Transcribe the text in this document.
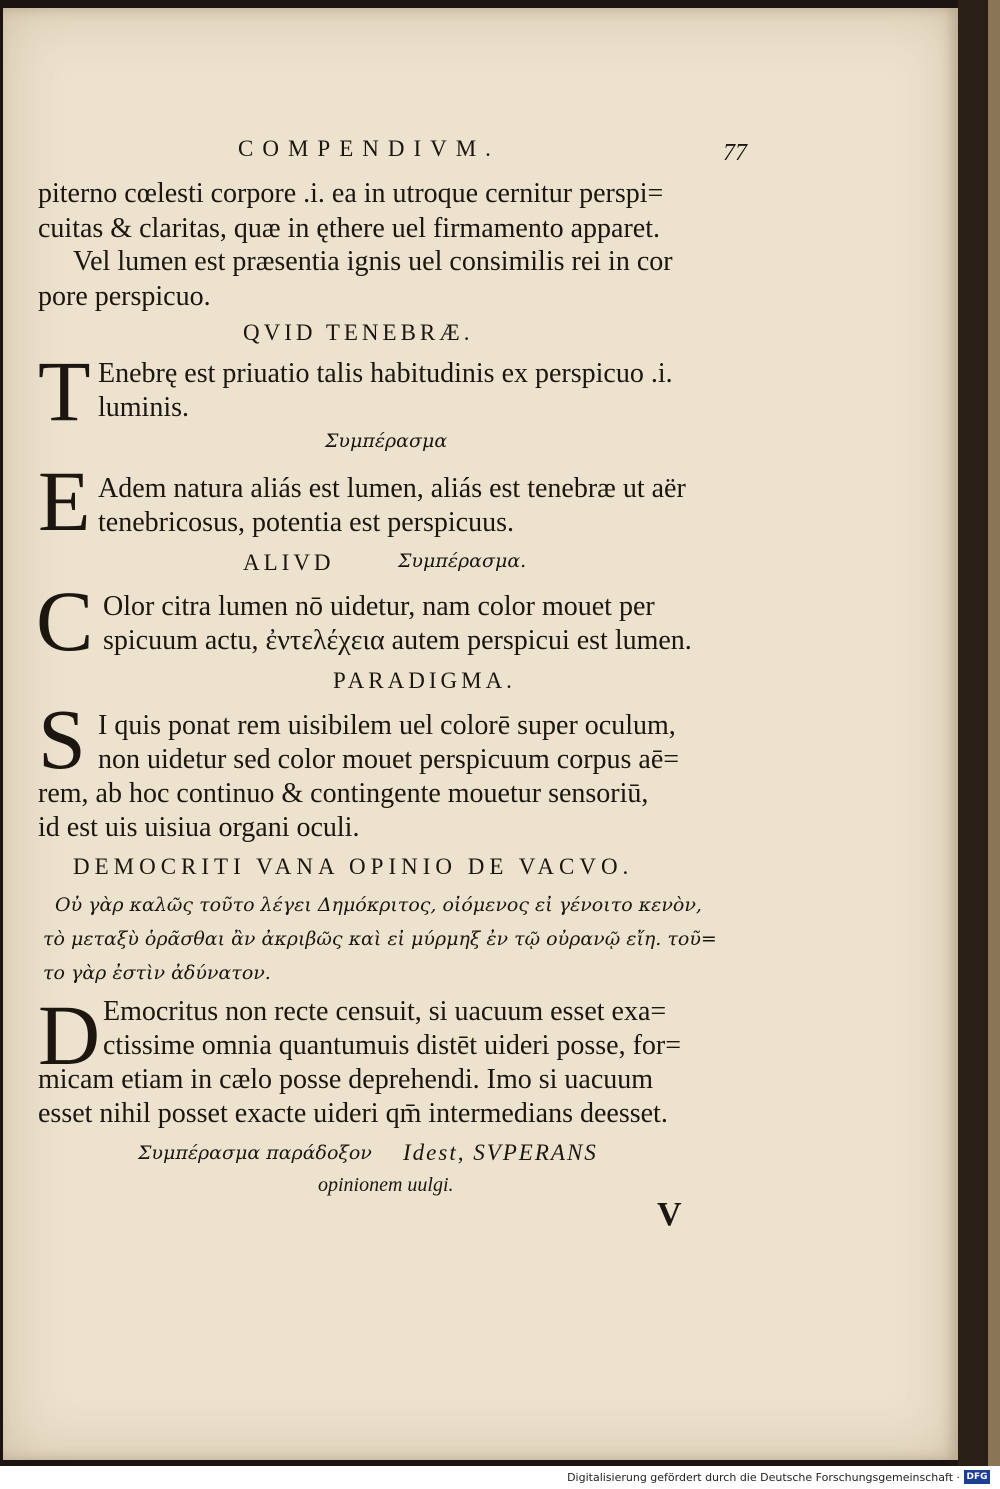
COMPENDIVM.	77
piterno cœlesti corpore .i. ea in utroque cernitur perspi=
cuitas & claritas, quæ in ęthere uel firmamento apparet.
Vel lumen est præsentia ignis uel consimilis rei in cor
pore perspicuo.
QVID TENEBRÆ.
T Enebrę est priuatio talis habitudinis ex perspicuo .i.
luminis.
Συμπέρασμα
E Adem natura aliás est lumen, aliás est tenebræ ut aër
tenebricosus, potentia est perspicuus.
ALIVD	Συμπέρασμα.
C Olor citra lumen nō uidetur, nam color mouet per
spicuum actu, ἐντελέχεια autem perspicui est lumen.
PARADIGMA.
S I quis ponat rem uisibilem uel colorē super oculum,
non uidetur sed color mouet perspicuum corpus aē=
rem, ab hoc continuo & contingente mouetur sensoriū,
id est uis uisiua organi oculi.
DEMOCRITI VANA OPINIO DE VACVO.
Οὐ γὰρ καλῶς τοῦτο λέγει Δημόκριτος, οἰόμενος εἰ γένοιτο κενὸν,
τὸ μεταξὺ ὁρᾶσθαι ἂν ἀκριβῶς καὶ εἰ μύρμηξ ἐν τῷ οὐρανῷ εἴη. τοῦ=
το γὰρ ἐστὶν ἀδύνατον.
D Emocritus non recte censuit, si uacuum esset exa=
ctissime omnia quantumuis distēt uideri posse, for=
micam etiam in cælo posse deprehendi. Imo si uacuum
esset nihil posset exacte uideri qm̄ intermedians deesset.
Συμπέρασμα παράδοξον Idest, SVPERANS
opinionem uulgi.
V
Digitalisierung gefördert durch die Deutsche Forschungsgemeinschaft · DFG
